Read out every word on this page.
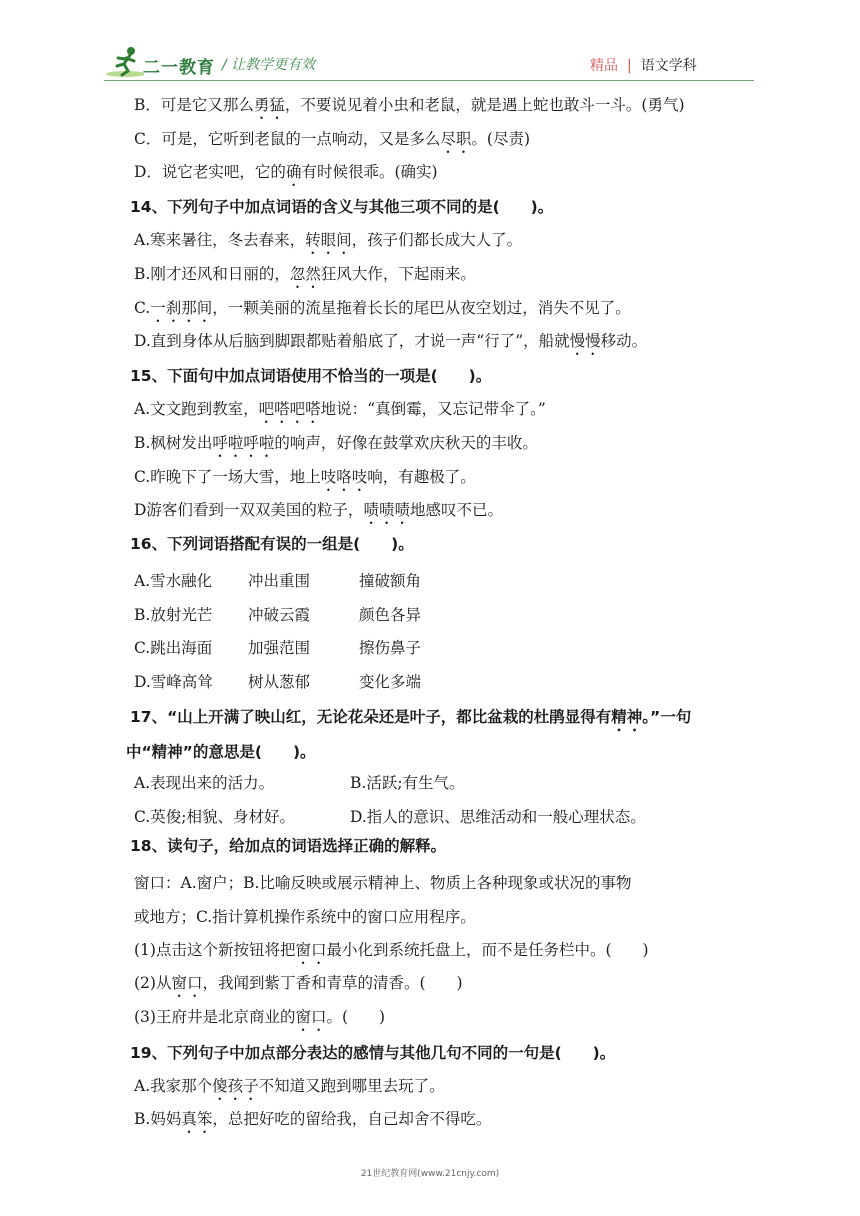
二一教育 / 让教学更有效	精品 | 语文学科
B．可是它又那么勇猛，不要说见着小虫和老鼠，就是遇上蛇也敢斗一斗。(勇气)
C．可是，它听到老鼠的一点响动，又是多么尽职。(尽责)
D．说它老实吧，它的确有时候很乖。(确实)
14、下列句子中加点词语的含义与其他三项不同的是(　　)。
A.寒来暑往，冬去春来，转眼间，孩子们都长成大人了。
B.刚才还风和日丽的，忽然狂风大作，下起雨来。
C.一刹那间，一颗美丽的流星拖着长长的尾巴从夜空划过，消失不见了。
D.直到身体从后脑到脚跟都贴着船底了，才说一声“行了”，船就慢慢移动。
15、下面句中加点词语使用不恰当的一项是(　　)。
A.文文跑到教室，吧嗒吧嗒地说：“真倒霉，又忘记带伞了。”
B.枫树发出呼啦呼啦的响声，好像在鼓掌欢庆秋天的丰收。
C.昨晚下了一场大雪，地上吱咯吱响，有趣极了。
D游客们看到一双双美国的粒子，啧啧啧地感叹不已。
16、下列词语搭配有误的一组是(　　)。
A.雪水融化 冲出重围	撞破额角
B.放射光芒 冲破云霞	颜色各异
C.跳出海面 加强范围	擦伤鼻子
D.雪峰高耸 树从葱郁	变化多端
17、“山上开满了映山红，无论花朵还是叶子，都比盆栽的杜鹃显得有精神。”一句
中“精神”的意思是(　　)。
A.表现出来的活力。	B.活跃;有生气。
C.英俊;相貌、身材好。	D.指人的意识、思维活动和一般心理状态。
18、读句子，给加点的词语选择正确的解释。
窗口：A.窗户；B.比喻反映或展示精神上、物质上各种现象或状况的事物
或地方；C.指计算机操作系统中的窗口应用程序。
(1)点击这个新按钮将把窗口最小化到系统托盘上，而不是任务栏中。(　　)
(2)从窗口，我闻到紫丁香和青草的清香。(　　)
(3)王府井是北京商业的窗口。(　　)
19、下列句子中加点部分表达的感情与其他几句不同的一句是(　　)。
A.我家那个傻孩子不知道又跑到哪里去玩了。
B.妈妈真笨，总把好吃的留给我，自己却舍不得吃。
21世纪教育网(www.21cnjy.com)
